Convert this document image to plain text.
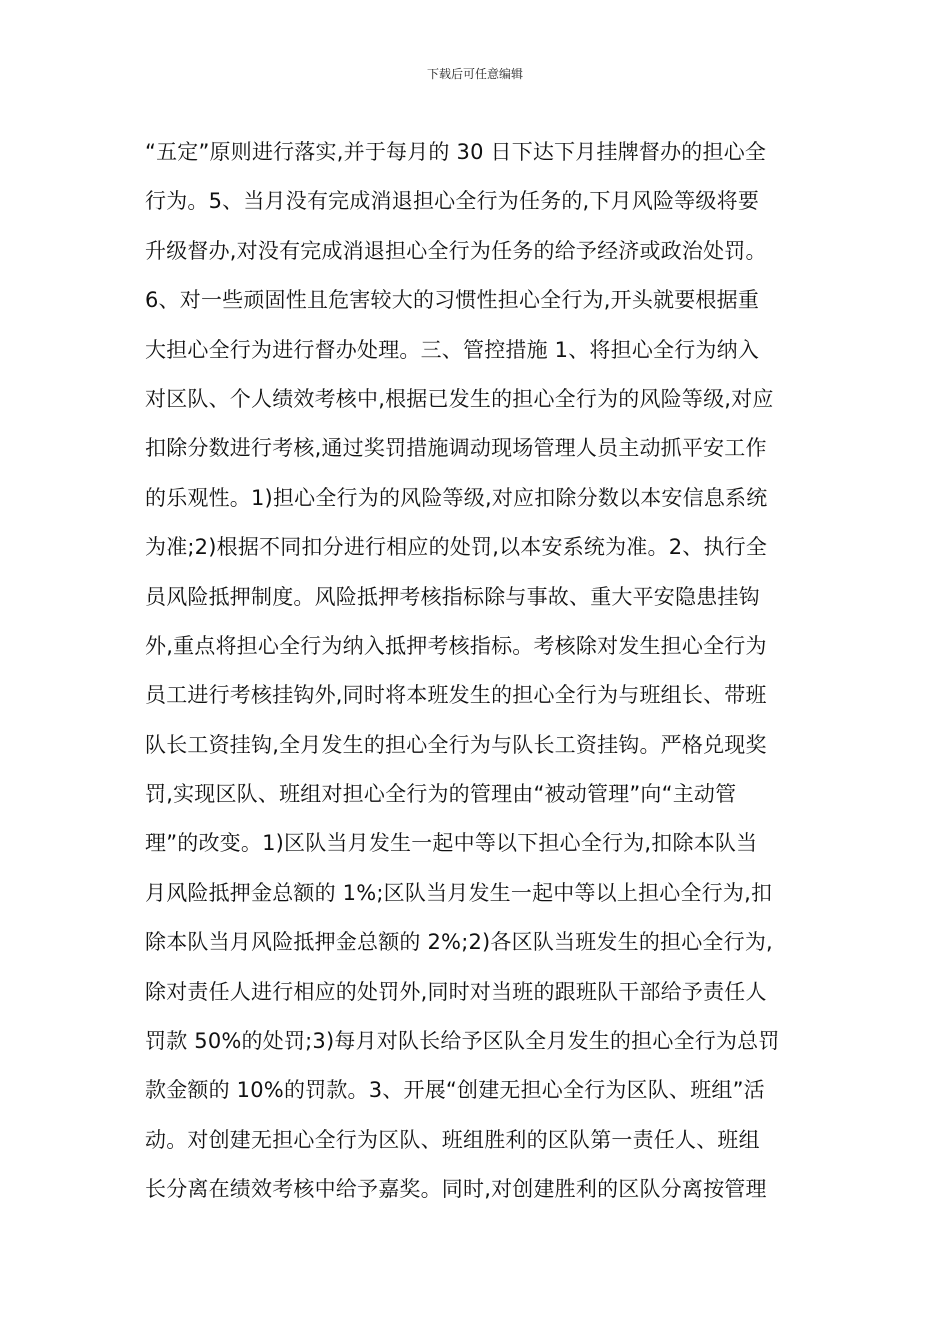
下载后可任意编辑
“五定”原则进行落实,并于每月的 30 日下达下月挂牌督办的担心全
行为。5、当月没有完成消退担心全行为任务的,下月风险等级将要
升级督办,对没有完成消退担心全行为任务的给予经济或政治处罚。
6、对一些顽固性且危害较大的习惯性担心全行为,开头就要根据重
大担心全行为进行督办处理。三、管控措施 1、将担心全行为纳入
对区队、个人绩效考核中,根据已发生的担心全行为的风险等级,对应
扣除分数进行考核,通过奖罚措施调动现场管理人员主动抓平安工作
的乐观性。1)担心全行为的风险等级,对应扣除分数以本安信息系统
为准;2)根据不同扣分进行相应的处罚,以本安系统为准。2、执行全
员风险抵押制度。风险抵押考核指标除与事故、重大平安隐患挂钩
外,重点将担心全行为纳入抵押考核指标。考核除对发生担心全行为
员工进行考核挂钩外,同时将本班发生的担心全行为与班组长、带班
队长工资挂钩,全月发生的担心全行为与队长工资挂钩。严格兑现奖
罚,实现区队、班组对担心全行为的管理由“被动管理”向“主动管
理”的改变。1)区队当月发生一起中等以下担心全行为,扣除本队当
月风险抵押金总额的 1%;区队当月发生一起中等以上担心全行为,扣
除本队当月风险抵押金总额的 2%;2)各区队当班发生的担心全行为,
除对责任人进行相应的处罚外,同时对当班的跟班队干部给予责任人
罚款 50%的处罚;3)每月对队长给予区队全月发生的担心全行为总罚
款金额的 10%的罚款。3、开展“创建无担心全行为区队、班组”活
动。对创建无担心全行为区队、班组胜利的区队第一责任人、班组
长分离在绩效考核中给予嘉奖。同时,对创建胜利的区队分离按管理
